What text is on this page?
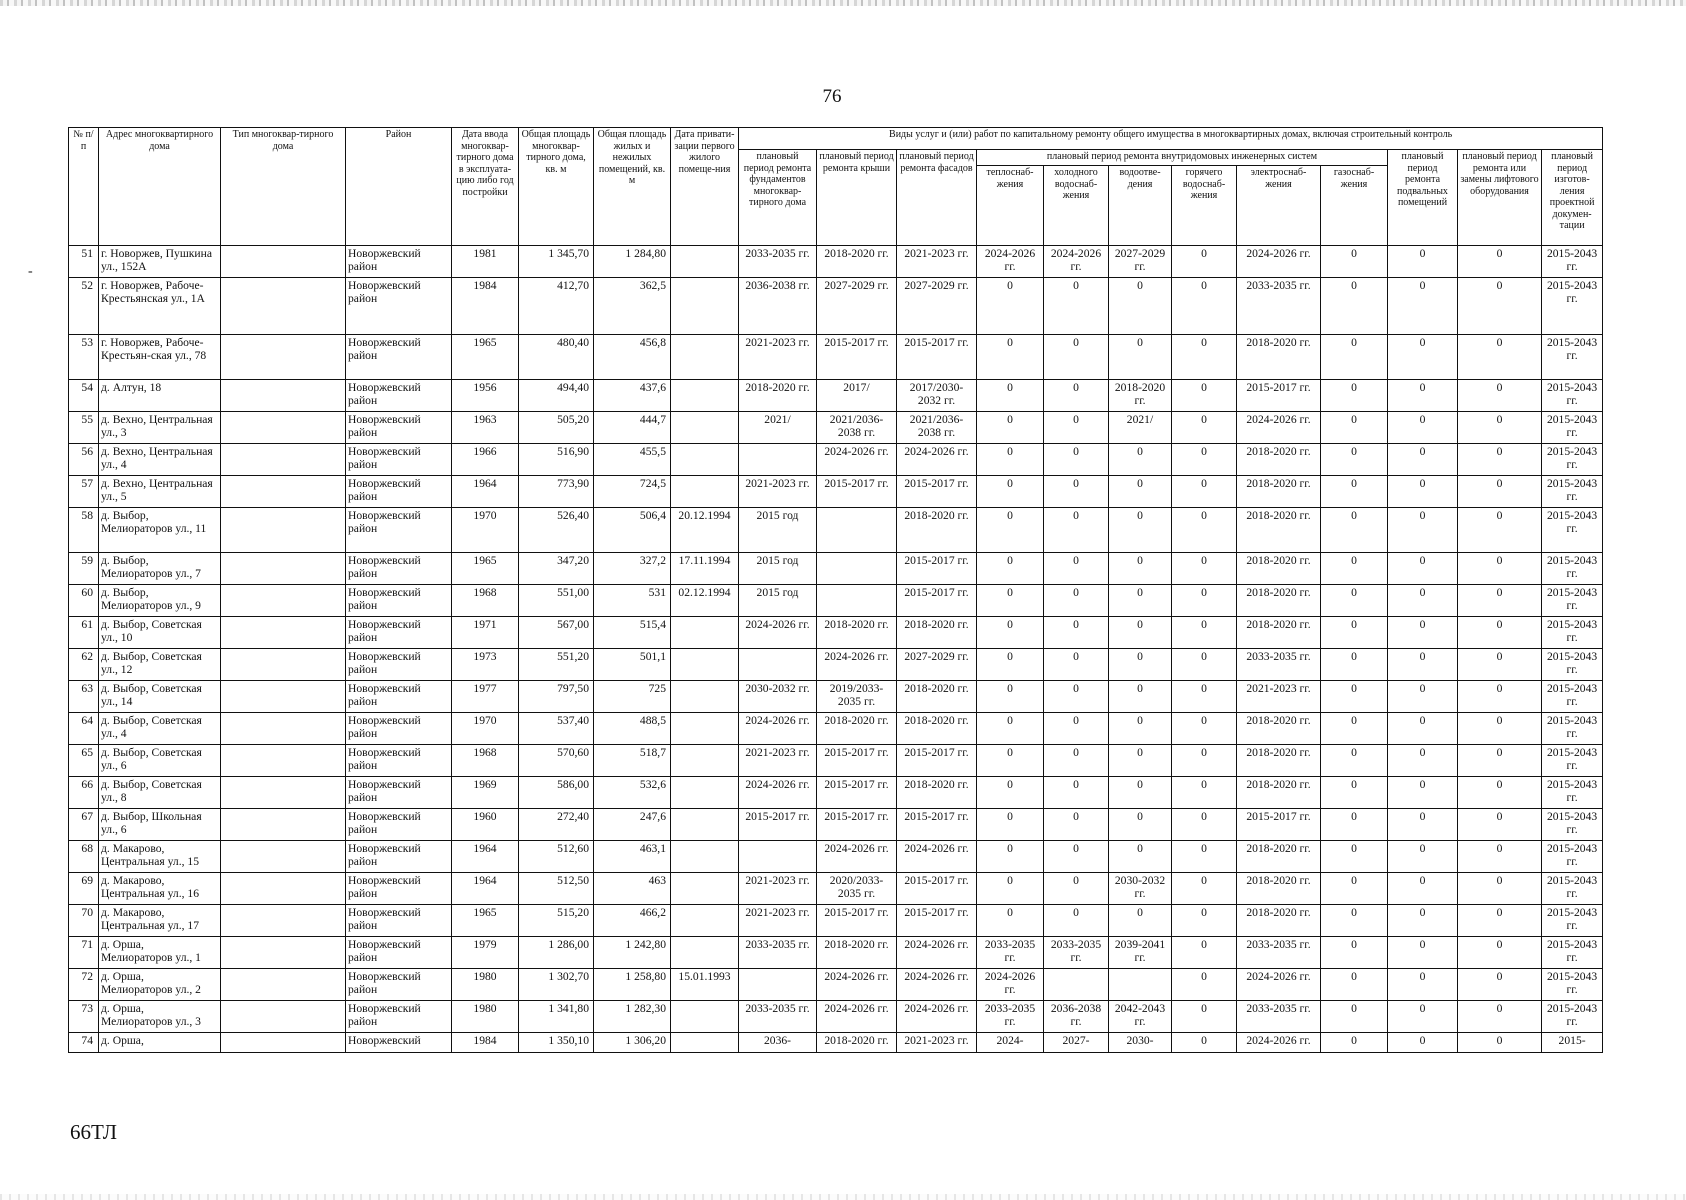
76
-
№ п/п	Адрес многоквартирного дома	Тип многоквар-тирного дома	Район	Дата ввода многоквар-тирного дома в эксплуата-цию либо год постройки	Общая площадь многоквар-тирного дома, кв. м	Общая площадь жилых и нежилых помещений, кв. м	Дата привати-зации первого жилого помеще-ния	Виды услуг и (или) работ по капитальному ремонту общего имущества в многоквартирных домах, включая строительный контроль											
								плановый период ремонта фундаментов многоквар-тирного дома	плановый период ремонта крыши	плановый период ремонта фасадов	плановый период ремонта внутридомовых инженерных систем						плановый период ремонта подвальных помещений	плановый период ремонта или замены лифтового оборудования	плановый период изготов-ления проектной докумен-тации
											теплоснаб-жения	холодного водоснаб-жения	водоотве-дения	горячего водоснаб-жения	электроснаб-жения	газоснаб-жения			
51	г. Новоржев, Пушкина ул., 152А		Новоржевский район	1981	1 345,70	1 284,80		2033-2035 гг.	2018-2020 гг.	2021-2023 гг.	2024-2026 гг.	2024-2026 гг.	2027-2029 гг.	0	2024-2026 гг.	0	0	0	2015-2043 гг.
52	г. Новоржев, Рабоче-Крестьянская ул., 1А		Новоржевский район	1984	412,70	362,5		2036-2038 гг.	2027-2029 гг.	2027-2029 гг.	0	0	0	0	2033-2035 гг.	0	0	0	2015-2043 гг.
53	г. Новоржев, Рабоче-Крестьян-ская ул., 78		Новоржевский район	1965	480,40	456,8		2021-2023 гг.	2015-2017 гг.	2015-2017 гг.	0	0	0	0	2018-2020 гг.	0	0	0	2015-2043 гг.
54	д. Алтун, 18		Новоржевский район	1956	494,40	437,6		2018-2020 гг.	2017/	2017/2030-2032 гг.	0	0	2018-2020 гг.	0	2015-2017 гг.	0	0	0	2015-2043 гг.
55	д. Вехно, Центральная ул., 3		Новоржевский район	1963	505,20	444,7		2021/	2021/2036-2038 гг.	2021/2036-2038 гг.	0	0	2021/	0	2024-2026 гг.	0	0	0	2015-2043 гг.
56	д. Вехно, Центральная ул., 4		Новоржевский район	1966	516,90	455,5			2024-2026 гг.	2024-2026 гг.	0	0	0	0	2018-2020 гг.	0	0	0	2015-2043 гг.
57	д. Вехно, Центральная ул., 5		Новоржевский район	1964	773,90	724,5		2021-2023 гг.	2015-2017 гг.	2015-2017 гг.	0	0	0	0	2018-2020 гг.	0	0	0	2015-2043 гг.
58	д. Выбор, Мелиораторов ул., 11		Новоржевский район	1970	526,40	506,4	20.12.1994	2015 год		2018-2020 гг.	0	0	0	0	2018-2020 гг.	0	0	0	2015-2043 гг.
59	д. Выбор, Мелиораторов ул., 7		Новоржевский район	1965	347,20	327,2	17.11.1994	2015 год		2015-2017 гг.	0	0	0	0	2018-2020 гг.	0	0	0	2015-2043 гг.
60	д. Выбор, Мелиораторов ул., 9		Новоржевский район	1968	551,00	531	02.12.1994	2015 год		2015-2017 гг.	0	0	0	0	2018-2020 гг.	0	0	0	2015-2043 гг.
61	д. Выбор, Советская ул., 10		Новоржевский район	1971	567,00	515,4		2024-2026 гг.	2018-2020 гг.	2018-2020 гг.	0	0	0	0	2018-2020 гг.	0	0	0	2015-2043 гг.
62	д. Выбор, Советская ул., 12		Новоржевский район	1973	551,20	501,1			2024-2026 гг.	2027-2029 гг.	0	0	0	0	2033-2035 гг.	0	0	0	2015-2043 гг.
63	д. Выбор, Советская ул., 14		Новоржевский район	1977	797,50	725		2030-2032 гг.	2019/2033-2035 гг.	2018-2020 гг.	0	0	0	0	2021-2023 гг.	0	0	0	2015-2043 гг.
64	д. Выбор, Советская ул., 4		Новоржевский район	1970	537,40	488,5		2024-2026 гг.	2018-2020 гг.	2018-2020 гг.	0	0	0	0	2018-2020 гг.	0	0	0	2015-2043 гг.
65	д. Выбор, Советская ул., 6		Новоржевский район	1968	570,60	518,7		2021-2023 гг.	2015-2017 гг.	2015-2017 гг.	0	0	0	0	2018-2020 гг.	0	0	0	2015-2043 гг.
66	д. Выбор, Советская ул., 8		Новоржевский район	1969	586,00	532,6		2024-2026 гг.	2015-2017 гг.	2018-2020 гг.	0	0	0	0	2018-2020 гг.	0	0	0	2015-2043 гг.
67	д. Выбор, Школьная ул., 6		Новоржевский район	1960	272,40	247,6		2015-2017 гг.	2015-2017 гг.	2015-2017 гг.	0	0	0	0	2015-2017 гг.	0	0	0	2015-2043 гг.
68	д. Макарово, Центральная ул., 15		Новоржевский район	1964	512,60	463,1			2024-2026 гг.	2024-2026 гг.	0	0	0	0	2018-2020 гг.	0	0	0	2015-2043 гг.
69	д. Макарово, Центральная ул., 16		Новоржевский район	1964	512,50	463		2021-2023 гг.	2020/2033-2035 гг.	2015-2017 гг.	0	0	2030-2032 гг.	0	2018-2020 гг.	0	0	0	2015-2043 гг.
70	д. Макарово, Центральная ул., 17		Новоржевский район	1965	515,20	466,2		2021-2023 гг.	2015-2017 гг.	2015-2017 гг.	0	0	0	0	2018-2020 гг.	0	0	0	2015-2043 гг.
71	д. Орша, Мелиораторов ул., 1		Новоржевский район	1979	1 286,00	1 242,80		2033-2035 гг.	2018-2020 гг.	2024-2026 гг.	2033-2035 гг.	2033-2035 гг.	2039-2041 гг.	0	2033-2035 гг.	0	0	0	2015-2043 гг.
72	д. Орша, Мелиораторов ул., 2		Новоржевский район	1980	1 302,70	1 258,80	15.01.1993		2024-2026 гг.	2024-2026 гг.	2024-2026 гг.			0	2024-2026 гг.	0	0	0	2015-2043 гг.
73	д. Орша, Мелиораторов ул., 3		Новоржевский район	1980	1 341,80	1 282,30		2033-2035 гг.	2024-2026 гг.	2024-2026 гг.	2033-2035 гг.	2036-2038 гг.	2042-2043 гг.	0	2033-2035 гг.	0	0	0	2015-2043 гг.
74	д. Орша,		Новоржевский	1984	1 350,10	1 306,20		2036-	2018-2020 гг.	2021-2023 гг.	2024-	2027-	2030-	0	2024-2026 гг.	0	0	0	2015-
66ТЛ
